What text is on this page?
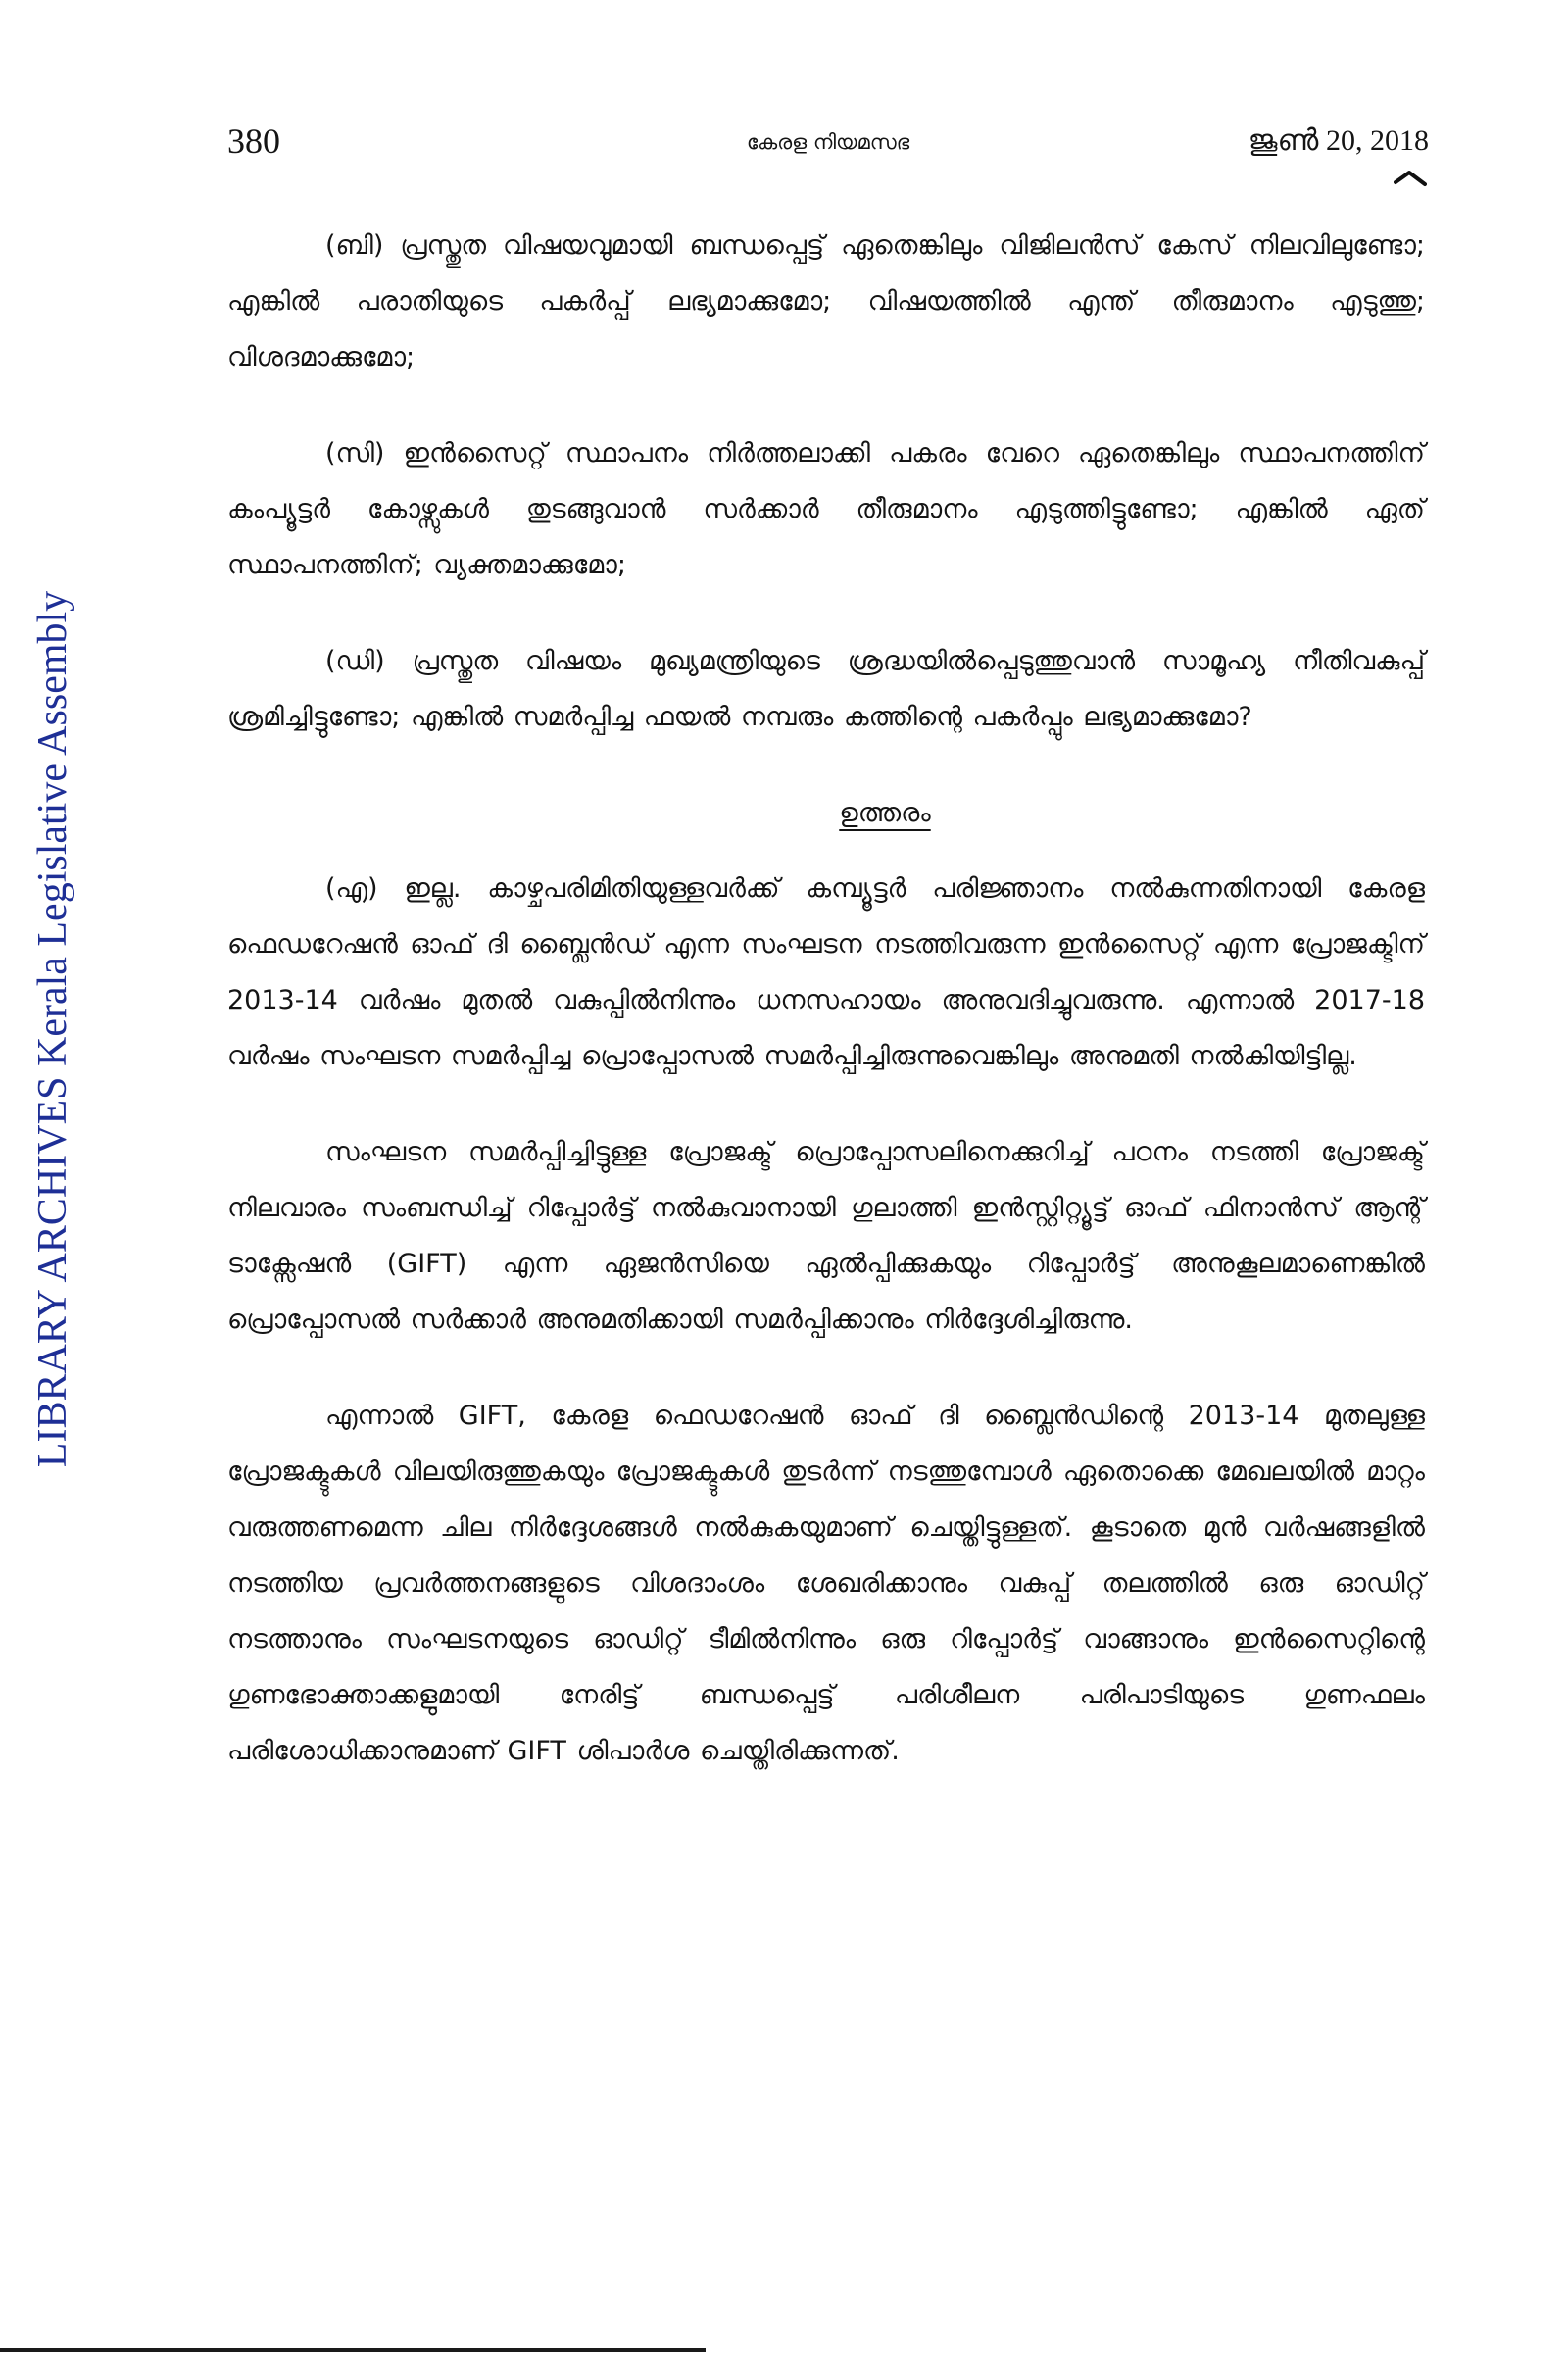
380	കേരള നിയമസഭ	ജൂൺ 20, 2018
LIBRARY ARCHIVES Kerala Legislative Assembly

(ബി) പ്രസ്തുത വിഷയവുമായി ബന്ധപ്പെട്ട് ഏതെങ്കിലും വിജിലൻസ് കേസ് നിലവിലുണ്ടോ; എങ്കിൽ പരാതിയുടെ പകർപ്പ് ലഭ്യമാക്കുമോ; വിഷയത്തിൽ എന്ത് തീരുമാനം എടുത്തു; വിശദമാക്കുമോ;

(സി) ഇൻസൈറ്റ് സ്ഥാപനം നിർത്തലാക്കി പകരം വേറെ ഏതെങ്കിലും സ്ഥാപനത്തിന് കംപ്യൂട്ടർ കോഴ്സുകൾ തുടങ്ങുവാൻ സർക്കാർ തീരുമാനം എടുത്തിട്ടുണ്ടോ; എങ്കിൽ ഏത് സ്ഥാപനത്തിന്; വ്യക്തമാക്കുമോ;

(ഡി) പ്രസ്തുത വിഷയം മുഖ്യമന്ത്രിയുടെ ശ്രദ്ധയിൽപ്പെടുത്തുവാൻ സാമൂഹ്യ നീതിവകുപ്പ് ശ്രമിച്ചിട്ടുണ്ടോ; എങ്കിൽ സമർപ്പിച്ച ഫയൽ നമ്പരും കത്തിന്റെ പകർപ്പും ലഭ്യമാക്കുമോ?

ഉത്തരം

(എ) ഇല്ല. കാഴ്ചപരിമിതിയുള്ളവർക്ക് കമ്പ്യൂട്ടർ പരിജ്ഞാനം നൽകുന്നതിനായി കേരള ഫെഡറേഷൻ ഓഫ് ദി ബ്ലൈൻഡ് എന്ന സംഘടന നടത്തിവരുന്ന ഇൻസൈറ്റ് എന്ന പ്രോജക്ടിന് 2013-14 വർഷം മുതൽ വകുപ്പിൽനിന്നും ധനസഹായം അനുവദിച്ചുവരുന്നു. എന്നാൽ 2017-18 വർഷം സംഘടന സമർപ്പിച്ച പ്രൊപ്പോസൽ സമർപ്പിച്ചിരുന്നുവെങ്കിലും അനുമതി നൽകിയിട്ടില്ല.

സംഘടന സമർപ്പിച്ചിട്ടുള്ള പ്രോജക്ട് പ്രൊപ്പോസലിനെക്കുറിച്ച് പഠനം നടത്തി പ്രോജക്ട് നിലവാരം സംബന്ധിച്ച് റിപ്പോർട്ട് നൽകുവാനായി ഗുലാത്തി ഇൻസ്റ്റിറ്റ്യൂട്ട് ഓഫ് ഫിനാൻസ് ആന്റ് ടാക്സേഷൻ (GIFT) എന്ന ഏജൻസിയെ ഏൽപ്പിക്കുകയും റിപ്പോർട്ട് അനുകൂലമാണെങ്കിൽ പ്രൊപ്പോസൽ സർക്കാർ അനുമതിക്കായി സമർപ്പിക്കാനും നിർദ്ദേശിച്ചിരുന്നു.

എന്നാൽ GIFT, കേരള ഫെഡറേഷൻ ഓഫ് ദി ബ്ലൈൻഡിന്റെ 2013-14 മുതലുള്ള പ്രോജക്ടുകൾ വിലയിരുത്തുകയും പ്രോജക്ടുകൾ തുടർന്ന് നടത്തുമ്പോൾ ഏതൊക്കെ മേഖലയിൽ മാറ്റം വരുത്തണമെന്ന ചില നിർദ്ദേശങ്ങൾ നൽകുകയുമാണ് ചെയ്തിട്ടുള്ളത്. കൂടാതെ മുൻ വർഷങ്ങളിൽ നടത്തിയ പ്രവർത്തനങ്ങളുടെ വിശദാംശം ശേഖരിക്കാനും വകുപ്പ് തലത്തിൽ ഒരു ഓഡിറ്റ് നടത്താനും സംഘടനയുടെ ഓഡിറ്റ് ടീമിൽനിന്നും ഒരു റിപ്പോർട്ട് വാങ്ങാനും ഇൻസൈറ്റിന്റെ ഗുണഭോക്താക്കളുമായി നേരിട്ട് ബന്ധപ്പെട്ട് പരിശീലന പരിപാടിയുടെ ഗുണഫലം പരിശോധിക്കാനുമാണ് GIFT ശിപാർശ ചെയ്തിരിക്കുന്നത്.
